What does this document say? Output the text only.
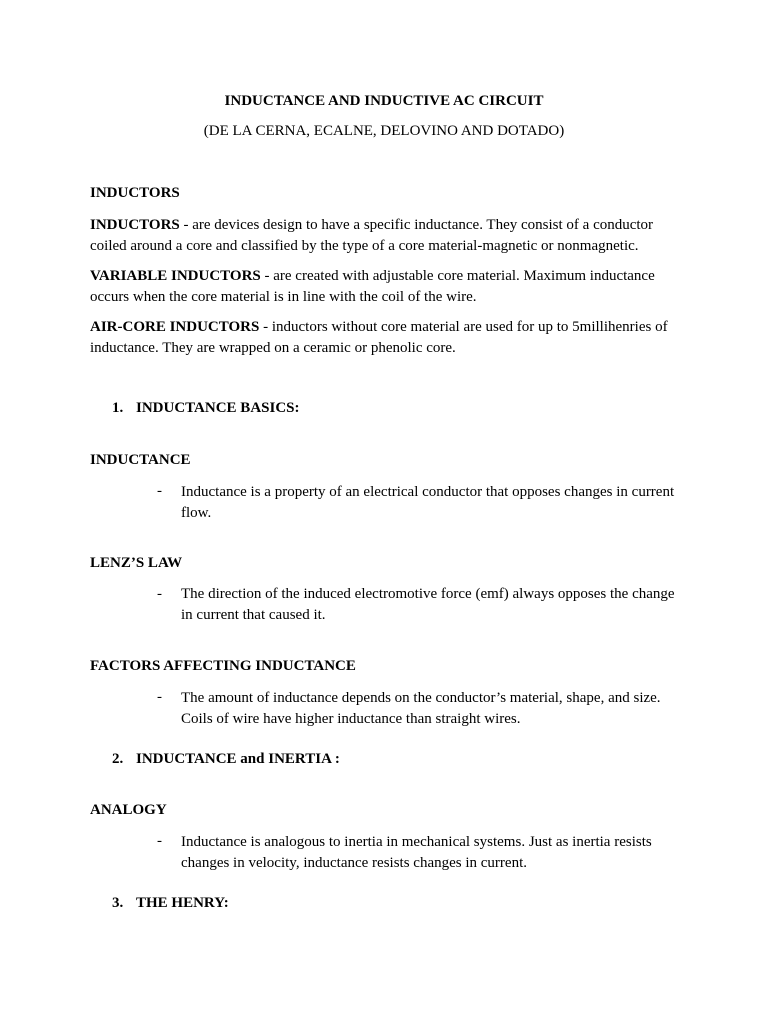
INDUCTANCE AND INDUCTIVE AC CIRCUIT

(DE LA CERNA, ECALNE, DELOVINO AND DOTADO)

INDUCTORS

INDUCTORS - are devices design to have a specific inductance. They consist of a conductor coiled around a core and classified by the type of a core material-magnetic or nonmagnetic.

VARIABLE INDUCTORS - are created with adjustable core material. Maximum inductance occurs when the core material is in line with the coil of the wire.

AIR-CORE INDUCTORS - inductors without core material are used for up to 5millihenries of inductance. They are wrapped on a ceramic or phenolic core.

1. INDUCTANCE BASICS:

INDUCTANCE

- Inductance is a property of an electrical conductor that opposes changes in current flow.

LENZ’S LAW

- The direction of the induced electromotive force (emf) always opposes the change in current that caused it.

FACTORS AFFECTING INDUCTANCE

- The amount of inductance depends on the conductor’s material, shape, and size. Coils of wire have higher inductance than straight wires.

2. INDUCTANCE and INERTIA :

ANALOGY

- Inductance is analogous to inertia in mechanical systems. Just as inertia resists changes in velocity, inductance resists changes in current.

3. THE HENRY:
